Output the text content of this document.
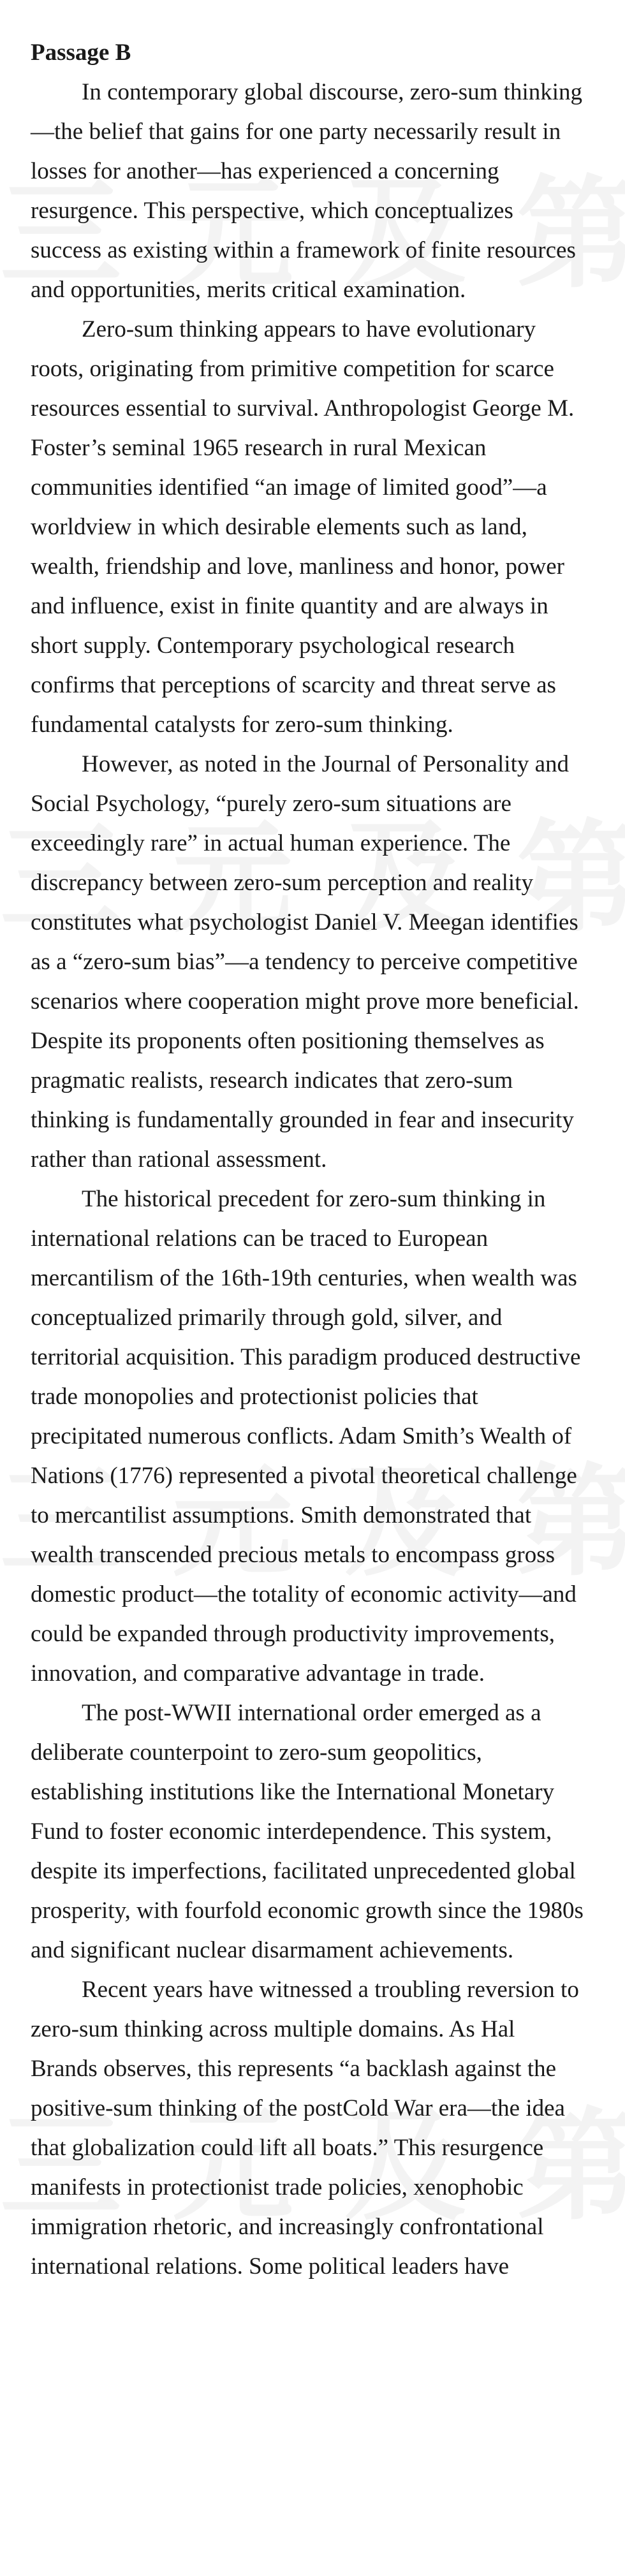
Passage B

In contemporary global discourse, zero-sum thinking—the belief that gains for one party necessarily result in losses for another—has experienced a concerning resurgence. This perspective, which conceptualizes success as existing within a framework of finite resources and opportunities, merits critical examination.

Zero-sum thinking appears to have evolutionary roots, originating from primitive competition for scarce resources essential to survival. Anthropologist George M. Foster’s seminal 1965 research in rural Mexican communities identified “an image of limited good”—a worldview in which desirable elements such as land, wealth, friendship and love, manliness and honor, power and influence, exist in finite quantity and are always in short supply. Contemporary psychological research confirms that perceptions of scarcity and threat serve as fundamental catalysts for zero-sum thinking.

However, as noted in the Journal of Personality and Social Psychology, “purely zero-sum situations are exceedingly rare” in actual human experience. The discrepancy between zero-sum perception and reality constitutes what psychologist Daniel V. Meegan identifies as a “zero-sum bias”—a tendency to perceive competitive scenarios where cooperation might prove more beneficial. Despite its proponents often positioning themselves as pragmatic realists, research indicates that zero-sum thinking is fundamentally grounded in fear and insecurity rather than rational assessment.

The historical precedent for zero-sum thinking in international relations can be traced to European mercantilism of the 16th-19th centuries, when wealth was conceptualized primarily through gold, silver, and territorial acquisition. This paradigm produced destructive trade monopolies and protectionist policies that precipitated numerous conflicts. Adam Smith’s Wealth of Nations (1776) represented a pivotal theoretical challenge to mercantilist assumptions. Smith demonstrated that wealth transcended precious metals to encompass gross domestic product—the totality of economic activity—and could be expanded through productivity improvements, innovation, and comparative advantage in trade.

The post-WWII international order emerged as a deliberate counterpoint to zero-sum geopolitics, establishing institutions like the International Monetary Fund to foster economic interdependence. This system, despite its imperfections, facilitated unprecedented global prosperity, with fourfold economic growth since the 1980s and significant nuclear disarmament achievements.

Recent years have witnessed a troubling reversion to zero-sum thinking across multiple domains. As Hal Brands observes, this represents “a backlash against the positive-sum thinking of the postCold War era—the idea that globalization could lift all boats.” This resurgence manifests in protectionist trade policies, xenophobic immigration rhetoric, and increasingly confrontational international relations. Some political leaders have
